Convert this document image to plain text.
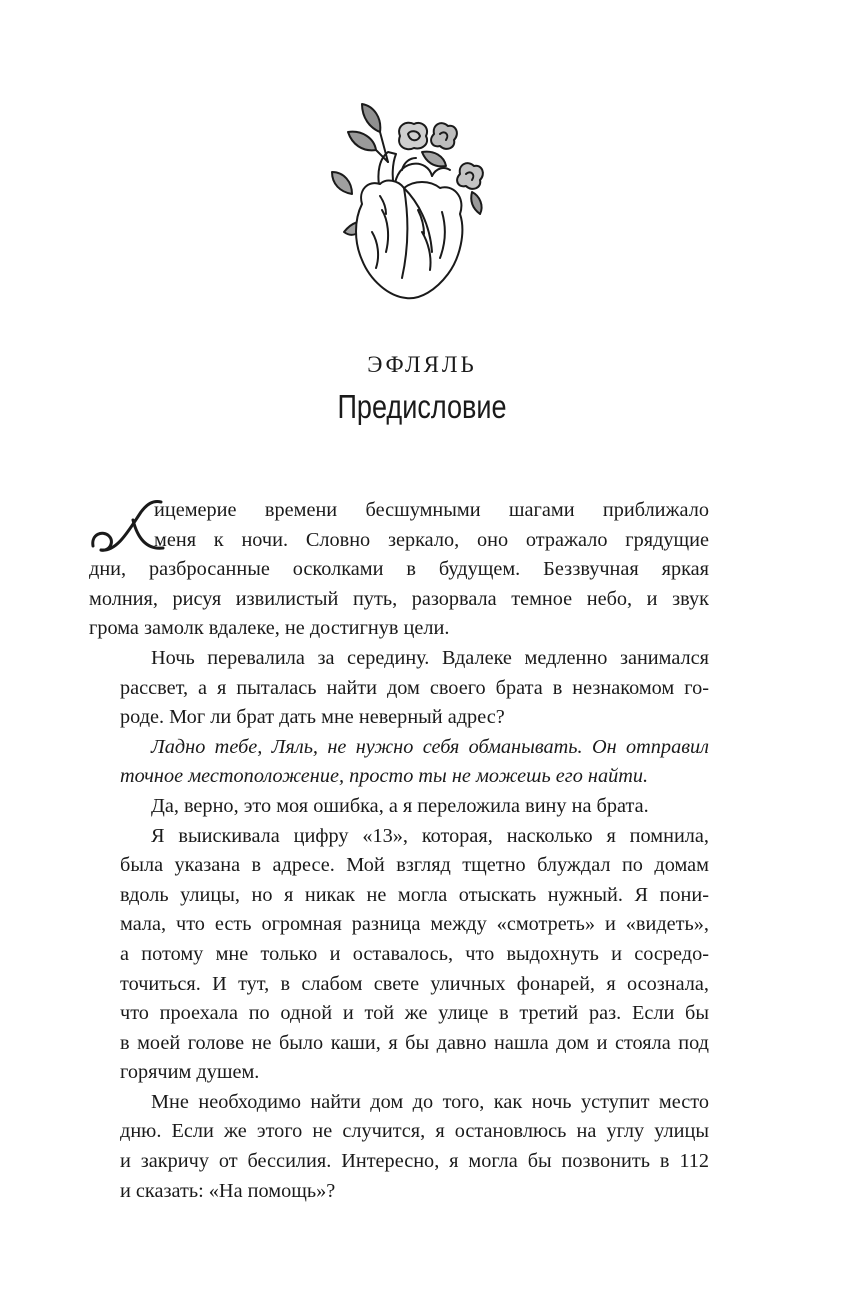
ЭФЛЯЛЬ
Предисловие
Л

ицемерие времени бесшумными шагами приближало
меня к ночи. Словно зеркало, оно отражало грядущие
дни, разбросанные осколками в будущем. Беззвучная яркая
молния, рисуя извилистый путь, разорвала темное небо, и звук
грома замолк вдалеке, не достигнув цели.

Ночь перевалила за середину. Вдалеке медленно занимался
рассвет, а я пыталась найти дом своего брата в незнакомом го-
роде. Мог ли брат дать мне неверный адрес?

Ладно тебе, Ляль, не нужно себя обманывать. Он отправил
точное местоположение, просто ты не можешь его найти.

Да, верно, это моя ошибка, а я переложила вину на брата.

Я выискивала цифру «13», которая, насколько я помнила,
была указана в адресе. Мой взгляд тщетно блуждал по домам
вдоль улицы, но я никак не могла отыскать нужный. Я пони-
мала, что есть огромная разница между «смотреть» и «видеть»,
а потому мне только и оставалось, что выдохнуть и сосредо-
точиться. И тут, в слабом свете уличных фонарей, я осознала,
что проехала по одной и той же улице в третий раз. Если бы
в моей голове не было каши, я бы давно нашла дом и стояла под
горячим душем.

Мне необходимо найти дом до того, как ночь уступит место
дню. Если же этого не случится, я остановлюсь на углу улицы
и закричу от бессилия. Интересно, я могла бы позвонить в 112
и сказать: «На помощь»?
